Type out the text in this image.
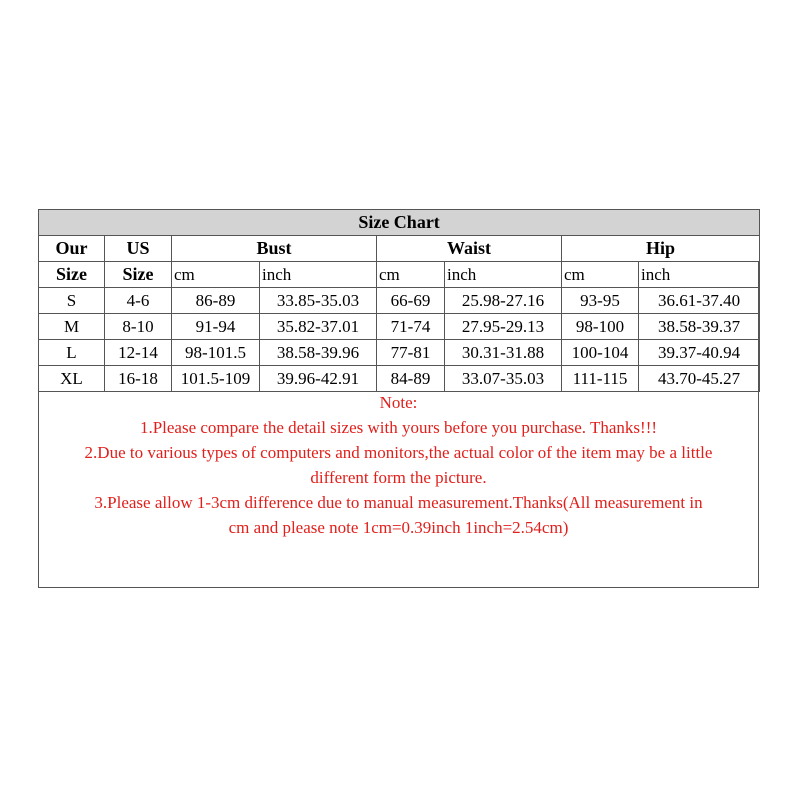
Size Chart							
Our	US	Bust		Waist		Hip	
Size	Size	cm	inch	cm	inch	cm	inch
S	4-6	86-89	33.85-35.03	66-69	25.98-27.16	93-95	36.61-37.40
M	8-10	91-94	35.82-37.01	71-74	27.95-29.13	98-100	38.58-39.37
L	12-14	98-101.5	38.58-39.96	77-81	30.31-31.88	100-104	39.37-40.94
XL	16-18	101.5-109	39.96-42.91	84-89	33.07-35.03	111-115	43.70-45.27
Note:
1.Please compare the detail sizes with yours before you purchase. Thanks!!!
2.Due to various types of computers and monitors,the actual color of the item may be a little
different form the picture.
3.Please allow 1-3cm difference due to manual measurement.Thanks(All measurement in
cm and please note 1cm=0.39inch 1inch=2.54cm)
